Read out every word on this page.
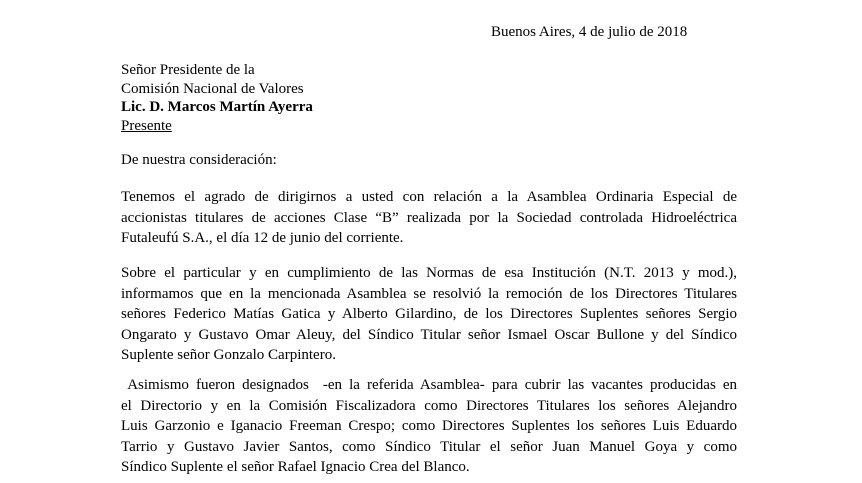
Buenos Aires, 4 de julio de 2018
Señor Presidente de la
Comisión Nacional de Valores
Lic. D. Marcos Martín Ayerra
Presente
De nuestra consideración:
Tenemos el agrado de dirigirnos a usted con relación a la Asamblea Ordinaria Especial de
accionistas titulares de acciones Clase “B” realizada por la Sociedad controlada Hidroeléctrica
Futaleufú S.A., el día 12 de junio del corriente.
Sobre el particular y en cumplimiento de las Normas de esa Institución (N.T. 2013 y mod.),
informamos que en la mencionada Asamblea se resolvió la remoción de los Directores Titulares
señores Federico Matías Gatica y Alberto Gilardino, de los Directores Suplentes señores Sergio
Ongarato y Gustavo Omar Aleuy, del Síndico Titular señor Ismael Oscar Bullone y del Síndico
Suplente señor Gonzalo Carpintero.
Asimismo fueron designados  -en la referida Asamblea- para cubrir las vacantes producidas en
el Directorio y en la Comisión Fiscalizadora como Directores Titulares los señores Alejandro
Luis Garzonio e Iganacio Freeman Crespo; como Directores Suplentes los señores Luis Eduardo
Tarrio y Gustavo Javier Santos, como Síndico Titular el señor Juan Manuel Goya y como
Síndico Suplente el señor Rafael Ignacio Crea del Blanco.
